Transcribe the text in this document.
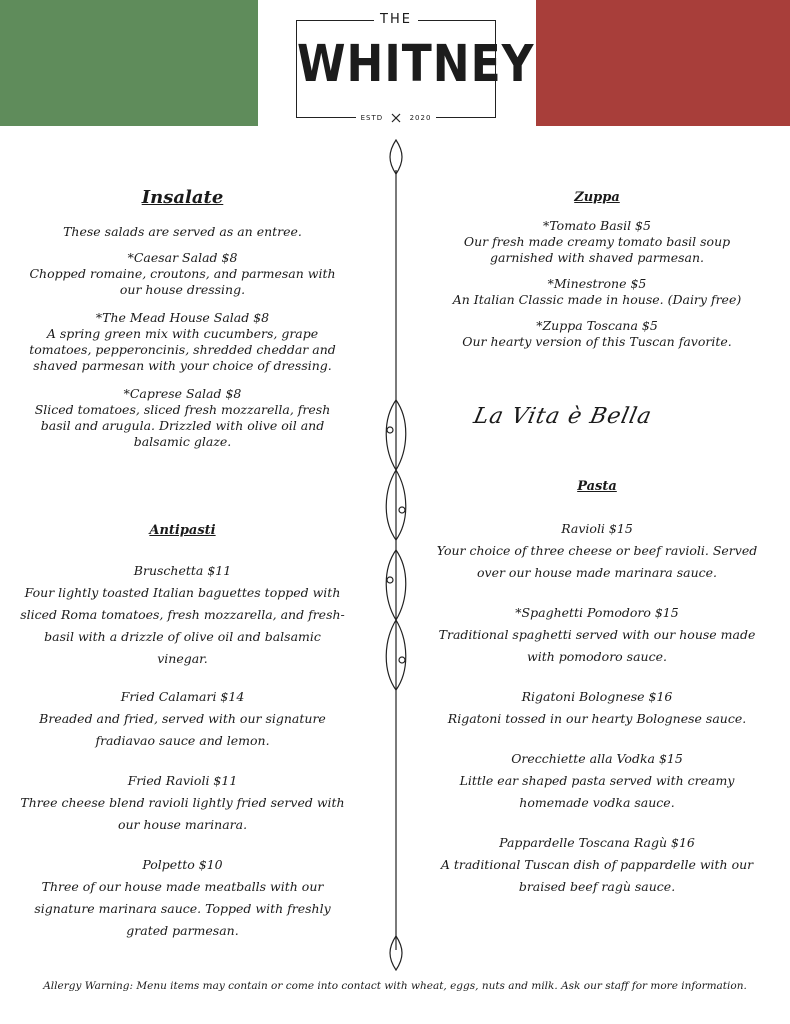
THE
WHITNEY
ESTD	2020

Insalate

These salads are served as an entree.

*Caesar Salad $8

Chopped romaine, croutons, and parmesan with our house dressing.

*The Mead House Salad $8

A spring green mix with cucumbers, grape tomatoes, pepperoncinis, shredded cheddar and shaved parmesan with your choice of dressing.

*Caprese Salad $8

Sliced tomatoes, sliced fresh mozzarella, fresh basil and arugula. Drizzled with olive oil and balsamic glaze.

Antipasti

Bruschetta $11

Four lightly toasted Italian baguettes topped with sliced Roma tomatoes, fresh mozzarella, and fresh- basil with a drizzle of olive oil and balsamic vinegar.

Fried Calamari $14

Breaded and fried, served with our signature fradiavao sauce and lemon.

Fried Ravioli $11

Three cheese blend ravioli lightly fried served with our house marinara.

Polpetto $10

Three of our house made meatballs with our signature marinara sauce. Topped with freshly grated parmesan.

Zuppa

*Tomato Basil $5

Our fresh made creamy tomato basil soup garnished with shaved parmesan.

*Minestrone $5

An Italian Classic made in house. (Dairy free)

*Zuppa Toscana $5

Our hearty version of this Tuscan favorite.

La Vita è Bella

Pasta

Ravioli $15

Your choice of three cheese or beef ravioli. Served over our house made marinara sauce.

*Spaghetti Pomodoro $15

Traditional spaghetti served with our house made with pomodoro sauce.

Rigatoni Bolognese $16

Rigatoni tossed in our hearty Bolognese sauce.

Orecchiette alla Vodka $15

Little ear shaped pasta served with creamy homemade vodka sauce.

Pappardelle Toscana Ragù $16

A traditional Tuscan dish of pappardelle with our braised beef ragù sauce.

Allergy Warning: Menu items may contain or come into contact with wheat, eggs, nuts and milk. Ask our staff for more information.
